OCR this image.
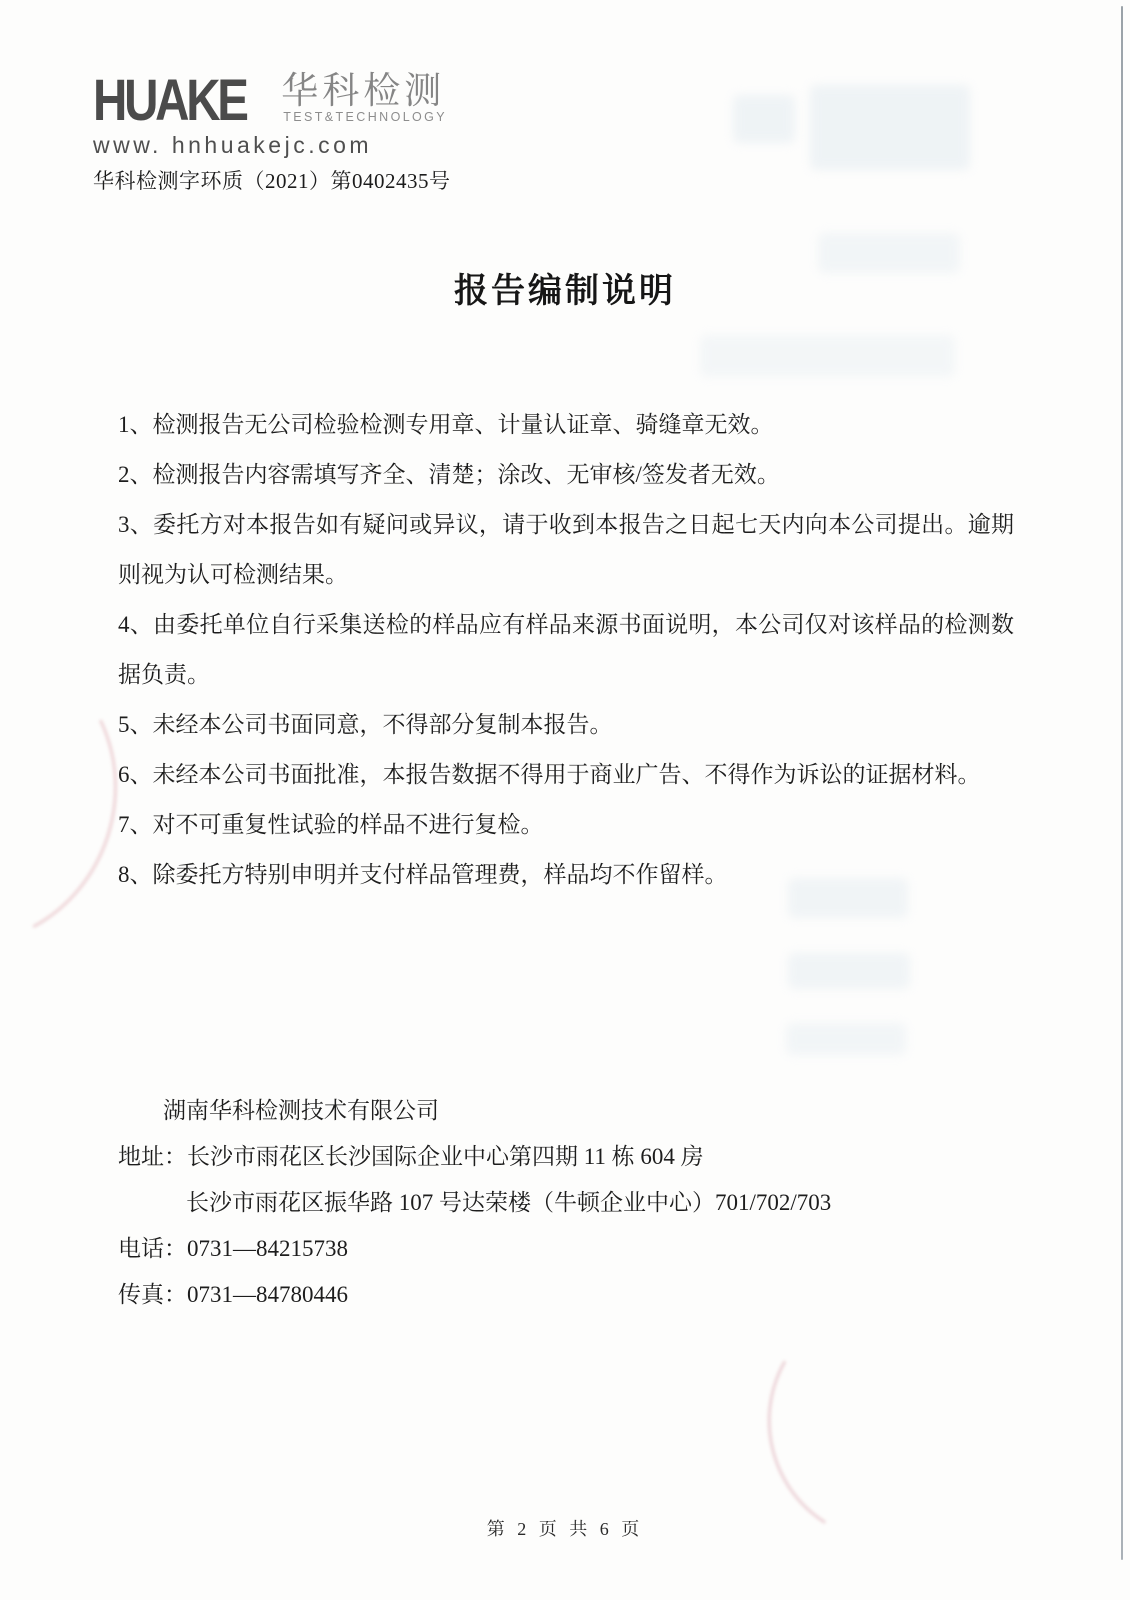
HUAKE 华科检测
TEST&TECHNOLOGY
www. hnhuakejc.com
华科检测字环质（2021）第0402435号
报告编制说明

1、检测报告无公司检验检测专用章、计量认证章、骑缝章无效。

2、检测报告内容需填写齐全、清楚；涂改、无审核/签发者无效。

3、委托方对本报告如有疑问或异议，请于收到本报告之日起七天内向本公司提出。逾期则视为认可检测结果。

4、由委托单位自行采集送检的样品应有样品来源书面说明，本公司仅对该样品的检测数据负责。

5、未经本公司书面同意，不得部分复制本报告。

6、未经本公司书面批准，本报告数据不得用于商业广告、不得作为诉讼的证据材料。

7、对不可重复性试验的样品不进行复检。

8、除委托方特别申明并支付样品管理费，样品均不作留样。

湖南华科检测技术有限公司
地址：长沙市雨花区长沙国际企业中心第四期 11 栋 604 房
长沙市雨花区振华路 107 号达荣楼（牛顿企业中心）701/702/703
电话：0731—84215738
传真：0731—84780446
第 2 页 共 6 页
